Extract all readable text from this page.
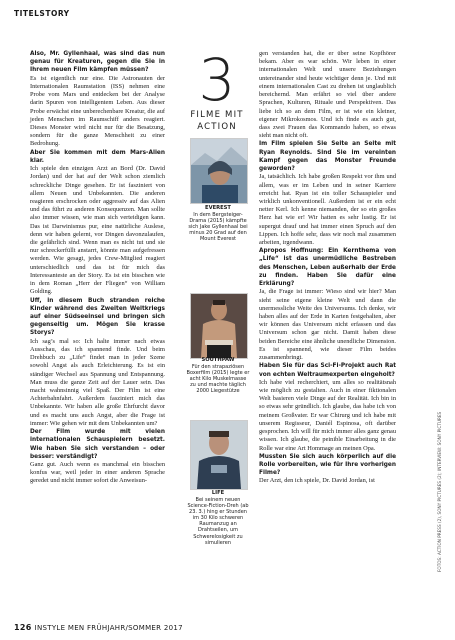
TITELSTORY

Also, Mr. Gyllenhaal, was sind das nun genau für Kreaturen, gegen die Sie in Ihrem neuen Film kämpfen müssen?

Es ist eigentlich nur eine. Die Astronauten der Internationalen Raumstation (ISS) nehmen eine Probe vom Mars und entdecken bei der Analyse darin Spuren von intelligentem Leben. Aus dieser Probe erwächst eine unberechenbare Kreatur, die auf jeden Menschen im Raumschiff anders reagiert. Dieses Monster wird nicht nur für die Besatzung, sondern für die ganze Menschheit zu einer Bedrohung.

Aber Sie kommen mit dem Mars-Alien klar.

Ich spiele den einzigen Arzt an Bord (Dr. David Jordan) und der hat auf der Welt schon ziemlich schreckliche Dinge gesehen. Er ist fasziniert von allem Neuen und Unbekannten. Die anderen reagieren erschrocken oder aggressiv auf das Alien und das führt zu anderen Konsequenzen. Man sollte also immer wissen, wie man sich verteidigen kann. Das ist Darwinismus pur, eine natürliche Auslese, denn wir haben gelernt, vor Dingen davonzulaufen, die gefährlich sind. Wenn man es nicht tut und sie nur schreckerfüllt anstarrt, könnte man aufgefressen werden. Wie gesagt, jedes Crew-Mitglied reagiert unterschiedlich und das ist für mich das Interessanteste an der Story. Es ist ein bisschen wie in dem Roman „Herr der Fliegen“ von William Golding.

Uff, in diesem Buch stranden reiche Kinder während des Zweiten Weltkriegs auf einer Südseeinsel und bringen sich gegenseitig um. Mögen Sie krasse Storys?

Ich sag’s mal so: Ich halte immer nach etwas Ausschau, das ich spannend finde. Und beim Drehbuch zu „Life“ findet man in jeder Szene sowohl Angst als auch Erleichterung. Es ist ein ständiger Wechsel aus Spannung und Entspannung. Man muss die ganze Zeit auf der Lauer sein. Das macht wahnsinnig viel Spaß. Der Film ist eine Achterbahnfahrt. Außerdem fasziniert mich das Unbekannte. Wir haben alle große Ehrfurcht davor und es macht uns auch Angst, aber die Frage ist immer: Wie gehen wir mit dem Unbekannten um?

Der Film wurde mit vielen internationalen Schauspielern besetzt. Wie haben Sie sich verstanden – oder besser: verständigt?

Ganz gut. Auch wenn es manchmal ein bisschen konfus war, weil jeder in einer anderen Sprache geredet und nicht immer sofort die Anweisun-

gen verstanden hat, die er über seine Kopfhörer bekam. Aber es war schön. Wir leben in einer internationalen Welt und unsere Beziehungen untereinander sind heute wichtiger denn je. Und mit einem internationalen Cast zu drehen ist unglaublich bereichernd. Man erfährt so viel über andere Sprachen, Kulturen, Rituale und Perspektiven. Das liebe ich so an dem Film, er ist wie ein kleiner, eigener Mikrokosmos. Und ich finde es auch gut, dass zwei Frauen das Kommando haben, so etwas sieht man nicht oft.

Im Film spielen Sie Seite an Seite mit Ryan Reynolds. Sind Sie im vereinten Kampf gegen das Monster Freunde geworden?

Ja, tatsächlich. Ich habe großen Respekt vor ihm und allem, was er im Leben und in seiner Karriere erreicht hat. Ryan ist ein toller Schauspieler und wirklich unkonventionell. Außerdem ist er ein echt netter Kerl. Ich kenne niemanden, der so ein großes Herz hat wie er! Wir hatten es sehr lustig. Er ist supergut drauf und hat immer einen Spruch auf den Lippen. Ich hoffe sehr, dass wir noch mal zusammen arbeiten, irgendwann.

Apropos Hoffnung: Ein Kernthema von „Life“ ist das unermüdliche Bestreben des Menschen, Leben außerhalb der Erde zu finden. Haben Sie dafür eine Erklärung?

Ja, die Frage ist immer: Wieso sind wir hier? Man sieht seine eigene kleine Welt und dann die unermessliche Weite des Universums. Ich denke, wir haben alles auf der Erde in Karten festgehalten, aber wir können das Universum nicht erfassen und das Universum schon gar nicht. Damit haben diese beiden Bereiche eine ähnliche unendliche Dimension. Es ist spannend, wie dieser Film beides zusammenbringt.

Haben Sie für das Sci-Fi-Projekt auch Rat von echten Weltraumexperten eingeholt?

Ich habe viel recherchiert, um alles so realitätsnah wie möglich zu gestalten. Auch in einer fiktionalen Welt basieren viele Dinge auf der Realität. Ich bin in so etwas sehr gründlich. Ich glaube, das habe ich von meinem Großvater. Er war Chirurg und ich habe mit unserem Regisseur, Daniél Espinosa, oft darüber gesprochen. Ich will für mich immer alles ganz genau wissen. Ich glaube, die peinible Einarbeitung in die Rolle war eine Art Hommage an meinen Opa.

Mussten Sie sich auch körperlich auf die Rolle vorbereiten, wie für Ihre vorherigen Filme?

Der Arzt, den ich spiele, Dr. David Jordan, ist

3
FILME MIT
ACTION
EVEREST
In dem Bergsteiger-Drama (2015) kämpfte sich Jake Gyllenhaal bei minus 20 Grad auf den Mount Everest
SOUTHPAW
Für den strapaziösen Boxerfilm (2015) legte er acht Kilo Muskelmasse zu und machte täglich 2000 Liegestütze
LIFE
Bei seinem neuen Science-Fiction-Dreh (ab 23. 3.) hing er Stunden im 30 Kilo schweren Raumanzug an Drahtseilen, um Schwerelosigkeit zu simulieren	FOTOS: ACTION PRESS (2), SONY PICTURES (2); INTERVIEW: SONY PICTURES
126 INSTYLE MEN FRÜHJAHR/SOMMER 2017
